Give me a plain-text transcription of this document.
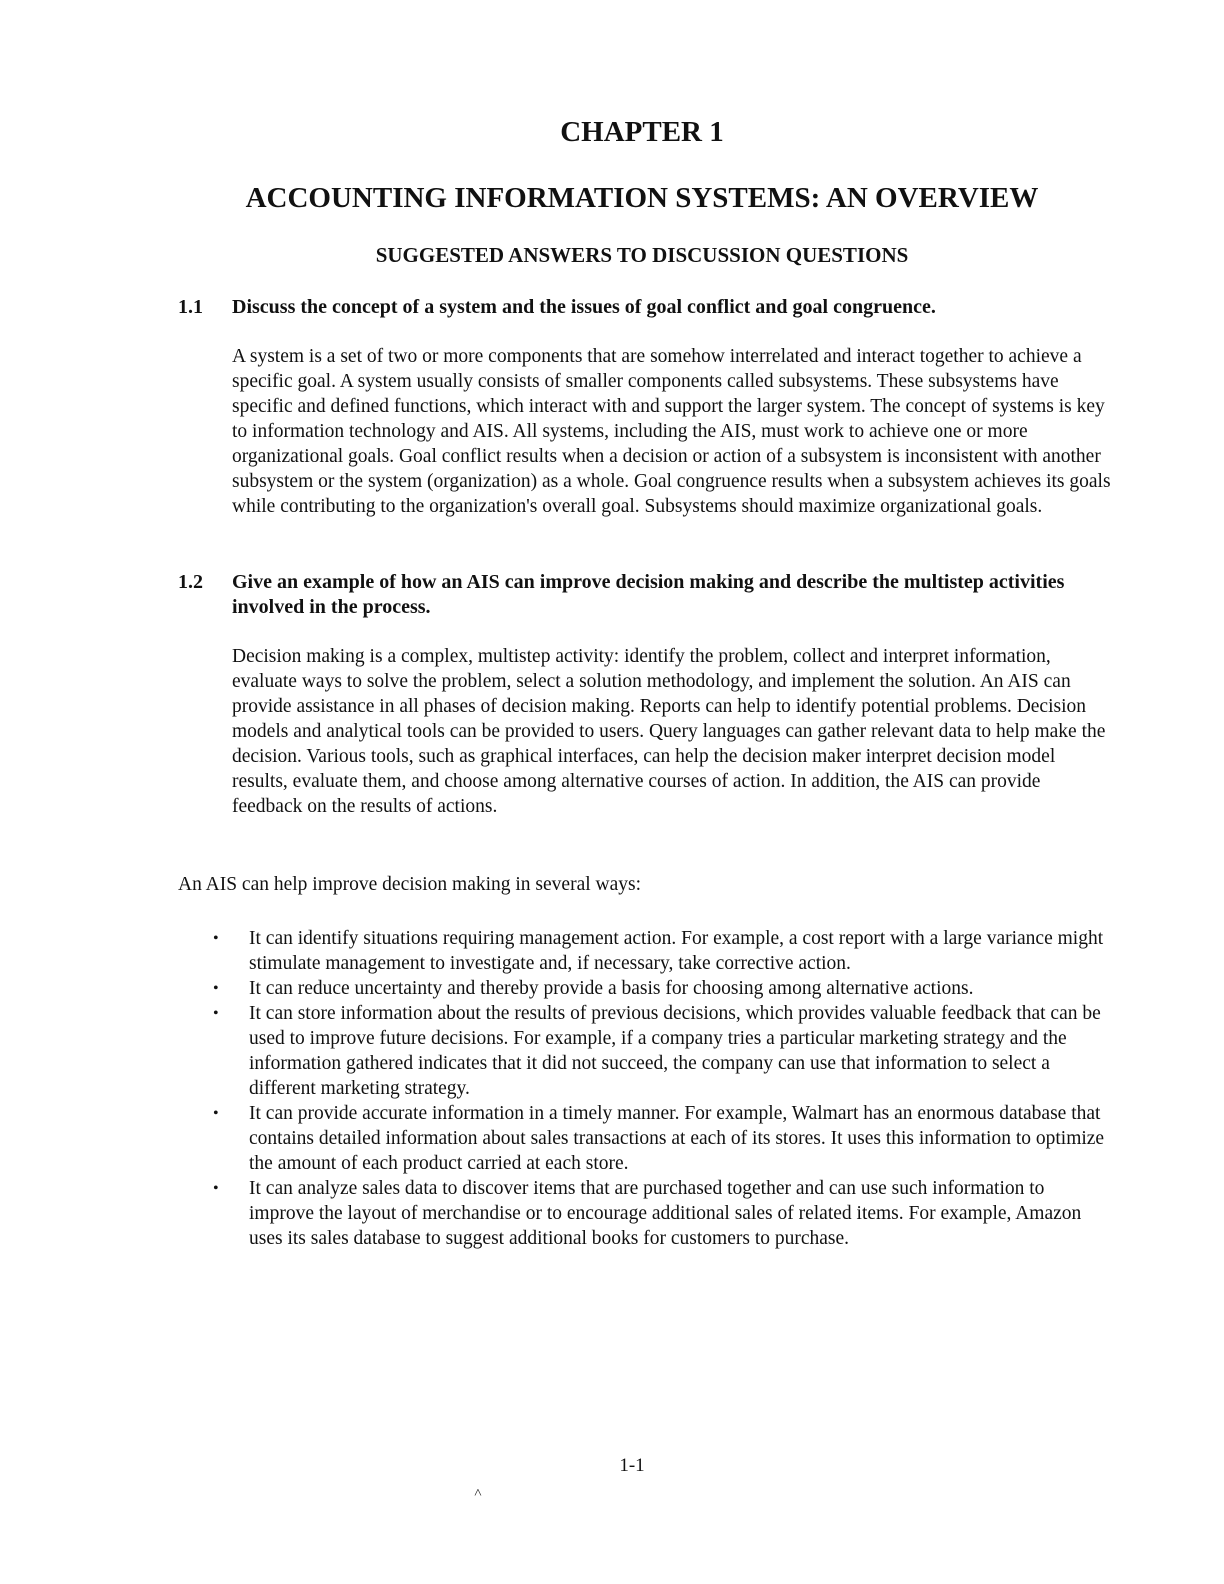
CHAPTER 1
ACCOUNTING INFORMATION SYSTEMS: AN OVERVIEW
SUGGESTED ANSWERS TO DISCUSSION QUESTIONS
1.1 Discuss the concept of a system and the issues of goal conflict and goal congruence.
A system is a set of two or more components that are somehow interrelated and interact together to achieve a specific goal. A system usually consists of smaller components called subsystems. These subsystems have specific and defined functions, which interact with and support the larger system. The concept of systems is key to information technology and AIS. All systems, including the AIS, must work to achieve one or more organizational goals. Goal conflict results when a decision or action of a subsystem is inconsistent with another subsystem or the system (organization) as a whole. Goal congruence results when a subsystem achieves its goals while contributing to the organization's overall goal. Subsystems should maximize organizational goals.
1.2 Give an example of how an AIS can improve decision making and describe the multistep activities involved in the process.
Decision making is a complex, multistep activity: identify the problem, collect and interpret information, evaluate ways to solve the problem, select a solution methodology, and implement the solution. An AIS can provide assistance in all phases of decision making. Reports can help to identify potential problems. Decision models and analytical tools can be provided to users. Query languages can gather relevant data to help make the decision. Various tools, such as graphical interfaces, can help the decision maker interpret decision model results, evaluate them, and choose among alternative courses of action. In addition, the AIS can provide feedback on the results of actions.
An AIS can help improve decision making in several ways:
•	It can identify situations requiring management action. For example, a cost report with a large variance might stimulate management to investigate and, if necessary, take corrective action.
•	It can reduce uncertainty and thereby provide a basis for choosing among alternative actions.
•	It can store information about the results of previous decisions, which provides valuable feedback that can be used to improve future decisions. For example, if a company tries a particular marketing strategy and the information gathered indicates that it did not succeed, the company can use that information to select a different marketing strategy.
•	It can provide accurate information in a timely manner. For example, Walmart has an enormous database that contains detailed information about sales transactions at each of its stores. It uses this information to optimize the amount of each product carried at each store.
•	It can analyze sales data to discover items that are purchased together and can use such information to improve the layout of merchandise or to encourage additional sales of related items. For example, Amazon uses its sales database to suggest additional books for customers to purchase.
1-1
˄
